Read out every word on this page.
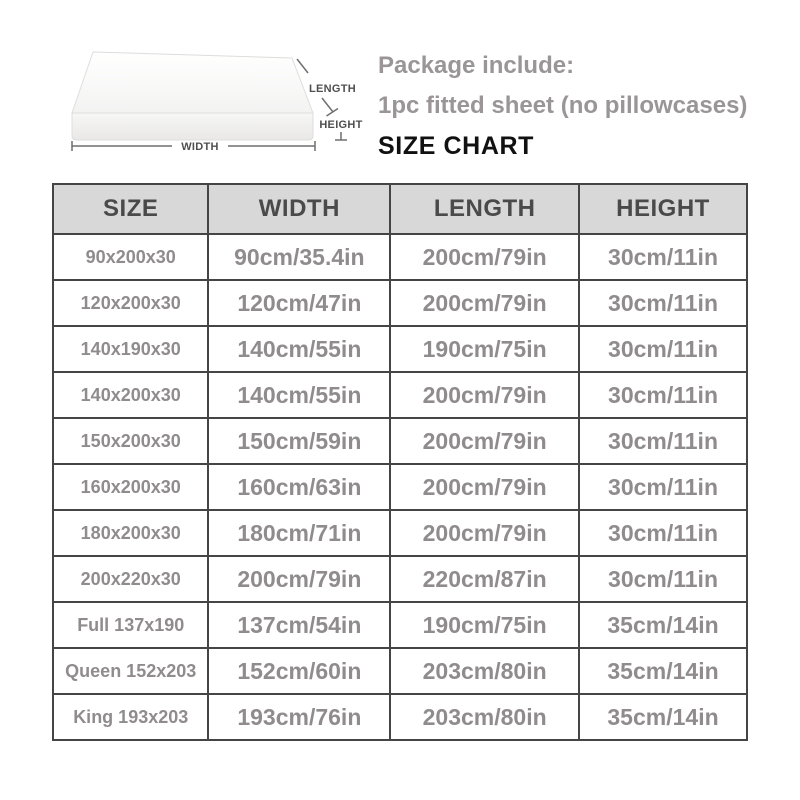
LENGTH
HEIGHT
WIDTH
Package include:
1pc fitted sheet (no pillowcases)
SIZE CHART
SIZE	WIDTH	LENGTH	HEIGHT
90x200x30	90cm/35.4in	200cm/79in	30cm/11in
120x200x30	120cm/47in	200cm/79in	30cm/11in
140x190x30	140cm/55in	190cm/75in	30cm/11in
140x200x30	140cm/55in	200cm/79in	30cm/11in
150x200x30	150cm/59in	200cm/79in	30cm/11in
160x200x30	160cm/63in	200cm/79in	30cm/11in
180x200x30	180cm/71in	200cm/79in	30cm/11in
200x220x30	200cm/79in	220cm/87in	30cm/11in
Full 137x190	137cm/54in	190cm/75in	35cm/14in
Queen 152x203	152cm/60in	203cm/80in	35cm/14in
King 193x203	193cm/76in	203cm/80in	35cm/14in
